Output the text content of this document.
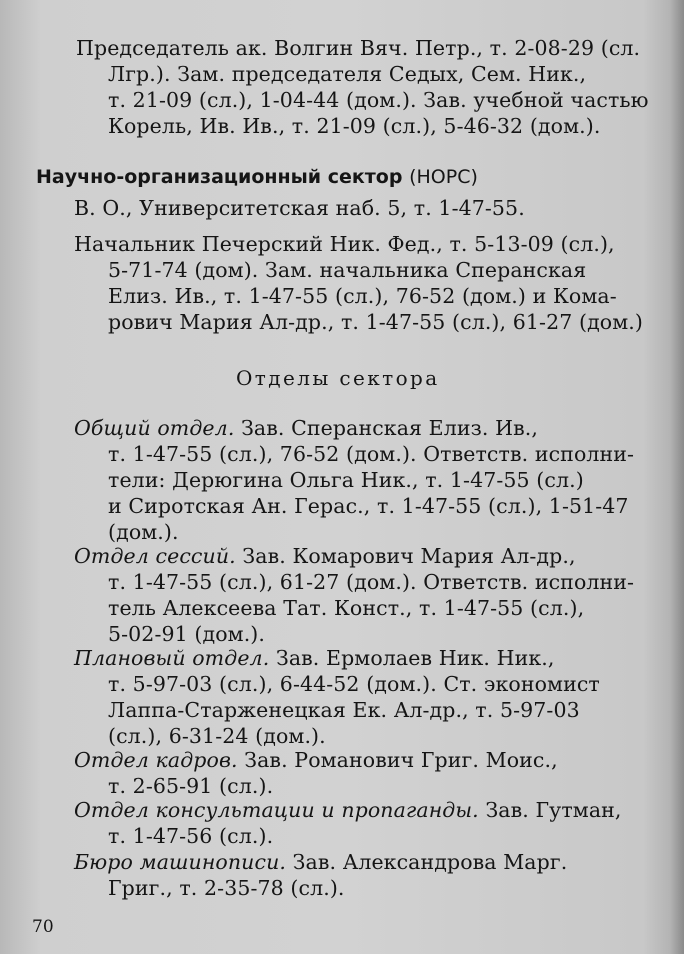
Председатель ак. Волгин Вяч. Петр., т. 2-08-29 (сл.
Лгр.). Зам. председателя Седых, Сем. Ник.,
т. 21-09 (сл.), 1-04-44 (дом.). Зав. учебной частью
Корель, Ив. Ив., т. 21-09 (сл.), 5-46-32 (дом.).
Научно-организационный сектор (НОРС)
В. О., Университетская наб. 5, т. 1-47-55.
Начальник Печерский Ник. Фед., т. 5-13-09 (сл.),
5-71-74 (дом). Зам. начальника Сперанская
Елиз. Ив., т. 1-47-55 (сл.), 76-52 (дом.) и Кома-
рович Мария Ал-др., т. 1-47-55 (сл.), 61-27 (дом.)
Отделы сектора
Общий отдел. Зав. Сперанская Елиз. Ив.,
т. 1-47-55 (сл.), 76-52 (дом.). Ответств. исполни-
тели: Дерюгина Ольга Ник., т. 1-47-55 (сл.)
и Сиротская Ан. Герас., т. 1-47-55 (сл.), 1-51-47
(дом.).
Отдел сессий. Зав. Комарович Мария Ал-др.,
т. 1-47-55 (сл.), 61-27 (дом.). Ответств. исполни-
тель Алексеева Тат. Конст., т. 1-47-55 (сл.),
5-02-91 (дом.).
Плановый отдел. Зав. Ермолаев Ник. Ник.,
т. 5-97-03 (сл.), 6-44-52 (дом.). Ст. экономист
Лаппа-Старженецкая Ек. Ал-др., т. 5-97-03
(сл.), 6-31-24 (дом.).
Отдел кадров. Зав. Романович Григ. Моис.,
т. 2-65-91 (сл.).
Отдел консультации и пропаганды. Зав. Гутман,
т. 1-47-56 (сл.).
Бюро машинописи. Зав. Александрова Марг.
Григ., т. 2-35-78 (сл.).
70
